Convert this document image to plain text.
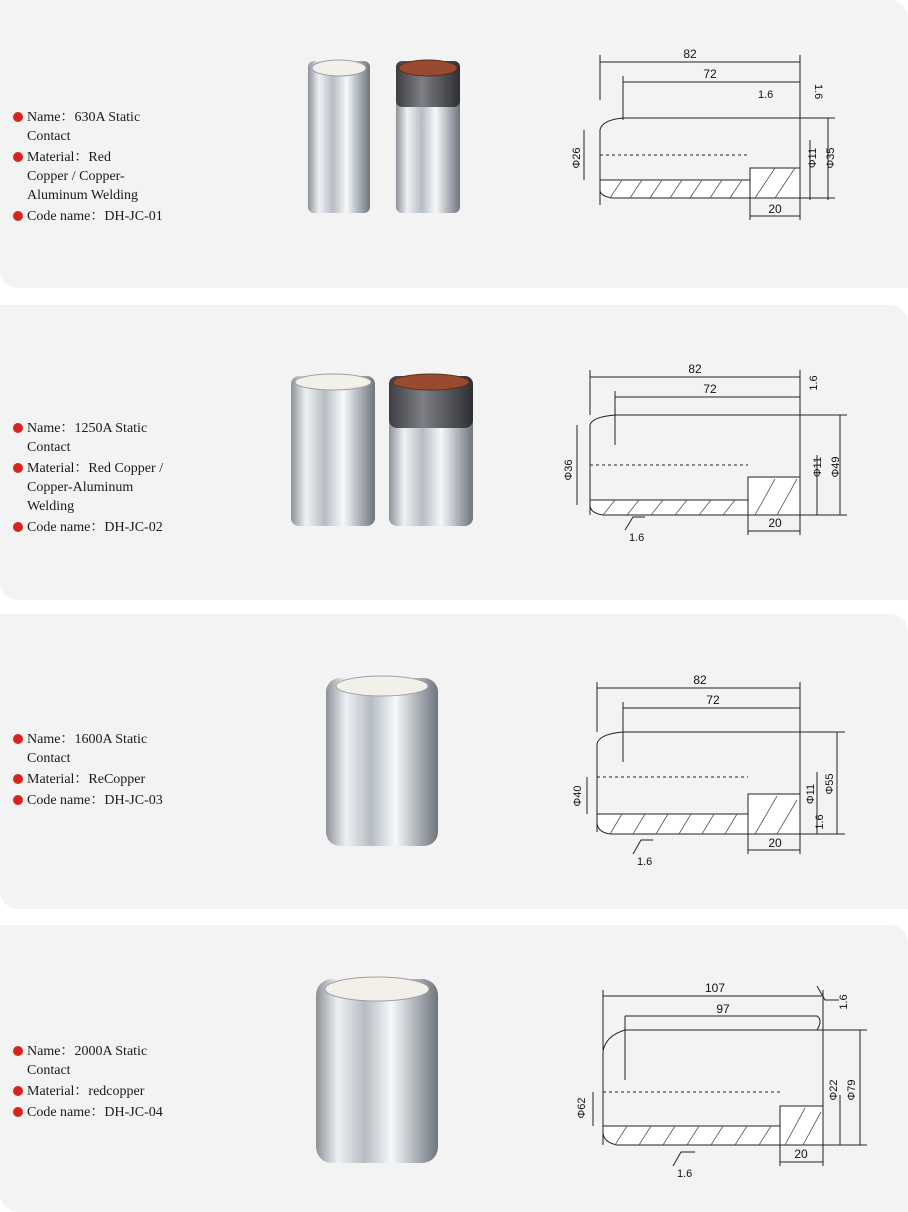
Name：630A Static
Contact
Material：Red
Copper / Copper-
Aluminum Welding
Code name：DH-JC-01
82
72
1.6	1.6
Φ26	Φ11 Φ35
20
Name：1250A Static
Contact
Material：Red Copper /
Copper-Aluminum
Welding
Code name：DH-JC-02
82
72	1.6
Φ36	Φ11 Φ49
20
1.6
Name：1600A Static
Contact
Material：ReCopper
Code name：DH-JC-03
82
72
Φ40	Φ11 Φ55
1.6
20
1.6
Name：2000A Static
Contact
Material：redcopper
Code name：DH-JC-04
107
97	1.6
Φ62
Φ22 Φ79
20
1.6
